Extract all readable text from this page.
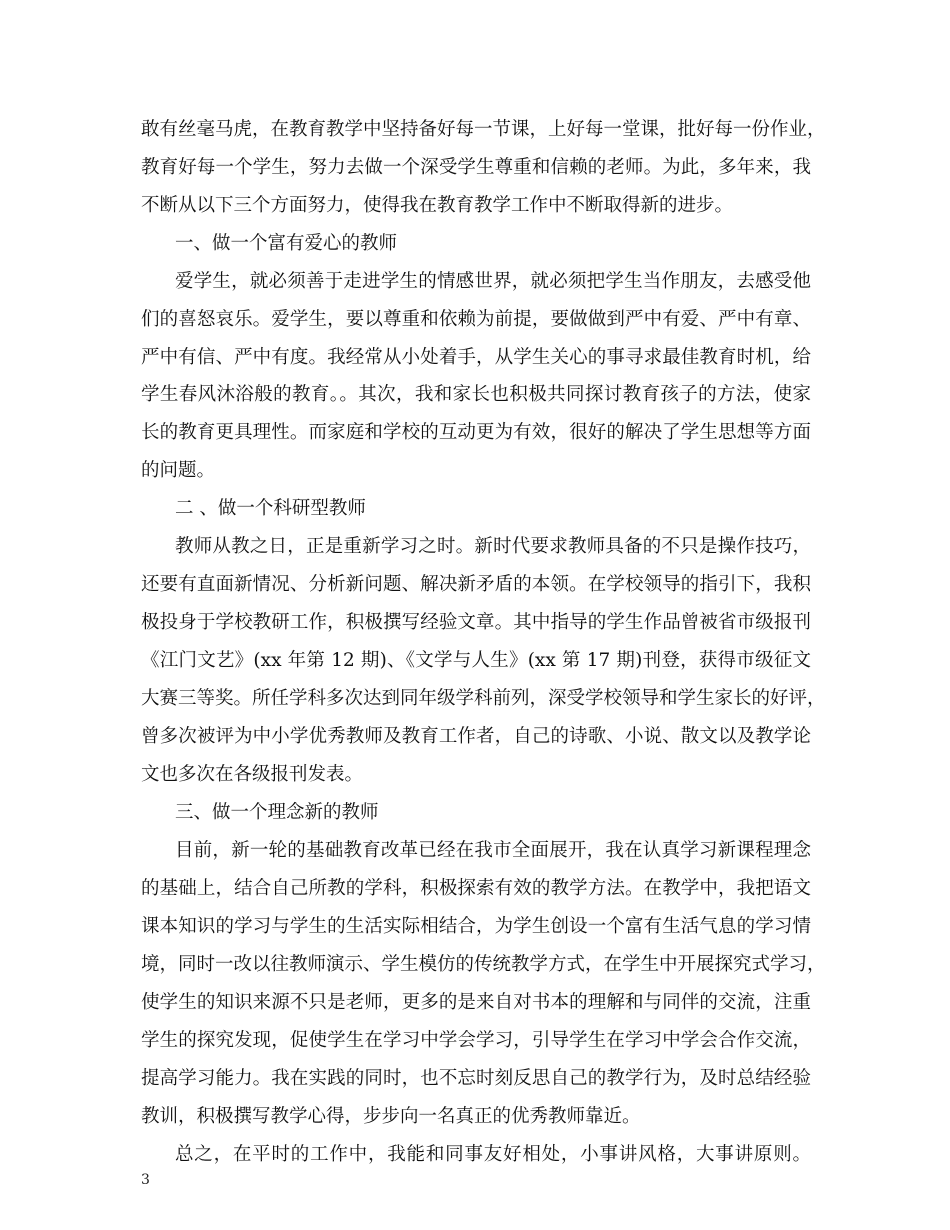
敢有丝毫马虎，在教育教学中坚持备好每一节课，上好每一堂课，批好每一份作业，

教育好每一个学生，努力去做一个深受学生尊重和信赖的老师。为此，多年来，我

不断从以下三个方面努力，使得我在教育教学工作中不断取得新的进步。

一、做一个富有爱心的教师

爱学生，就必须善于走进学生的情感世界，就必须把学生当作朋友，去感受他

们的喜怒哀乐。爱学生，要以尊重和依赖为前提，要做做到严中有爱、严中有章、

严中有信、严中有度。我经常从小处着手，从学生关心的事寻求最佳教育时机，给

学生春风沐浴般的教育。。其次，我和家长也积极共同探讨教育孩子的方法，使家

长的教育更具理性。而家庭和学校的互动更为有效，很好的解决了学生思想等方面

的问题。

二 、做一个科研型教师

教师从教之日，正是重新学习之时。新时代要求教师具备的不只是操作技巧，

还要有直面新情况、分析新问题、解决新矛盾的本领。在学校领导的指引下，我积

极投身于学校教研工作，积极撰写经验文章。其中指导的学生作品曾被省市级报刊

《江门文艺》(xx 年第 12 期)、《文学与人生》(xx 第 17 期)刊登，获得市级征文

大赛三等奖。所任学科多次达到同年级学科前列，深受学校领导和学生家长的好评，

曾多次被评为中小学优秀教师及教育工作者，自己的诗歌、小说、散文以及教学论

文也多次在各级报刊发表。

三、做一个理念新的教师

目前，新一轮的基础教育改革已经在我市全面展开，我在认真学习新课程理念

的基础上，结合自己所教的学科，积极探索有效的教学方法。在教学中，我把语文

课本知识的学习与学生的生活实际相结合，为学生创设一个富有生活气息的学习情

境，同时一改以往教师演示、学生模仿的传统教学方式，在学生中开展探究式学习，

使学生的知识来源不只是老师，更多的是来自对书本的理解和与同伴的交流，注重

学生的探究发现，促使学生在学习中学会学习，引导学生在学习中学会合作交流，

提高学习能力。我在实践的同时，也不忘时刻反思自己的教学行为，及时总结经验

教训，积极撰写教学心得，步步向一名真正的优秀教师靠近。

总之，在平时的工作中，我能和同事友好相处，小事讲风格，大事讲原则。

3
